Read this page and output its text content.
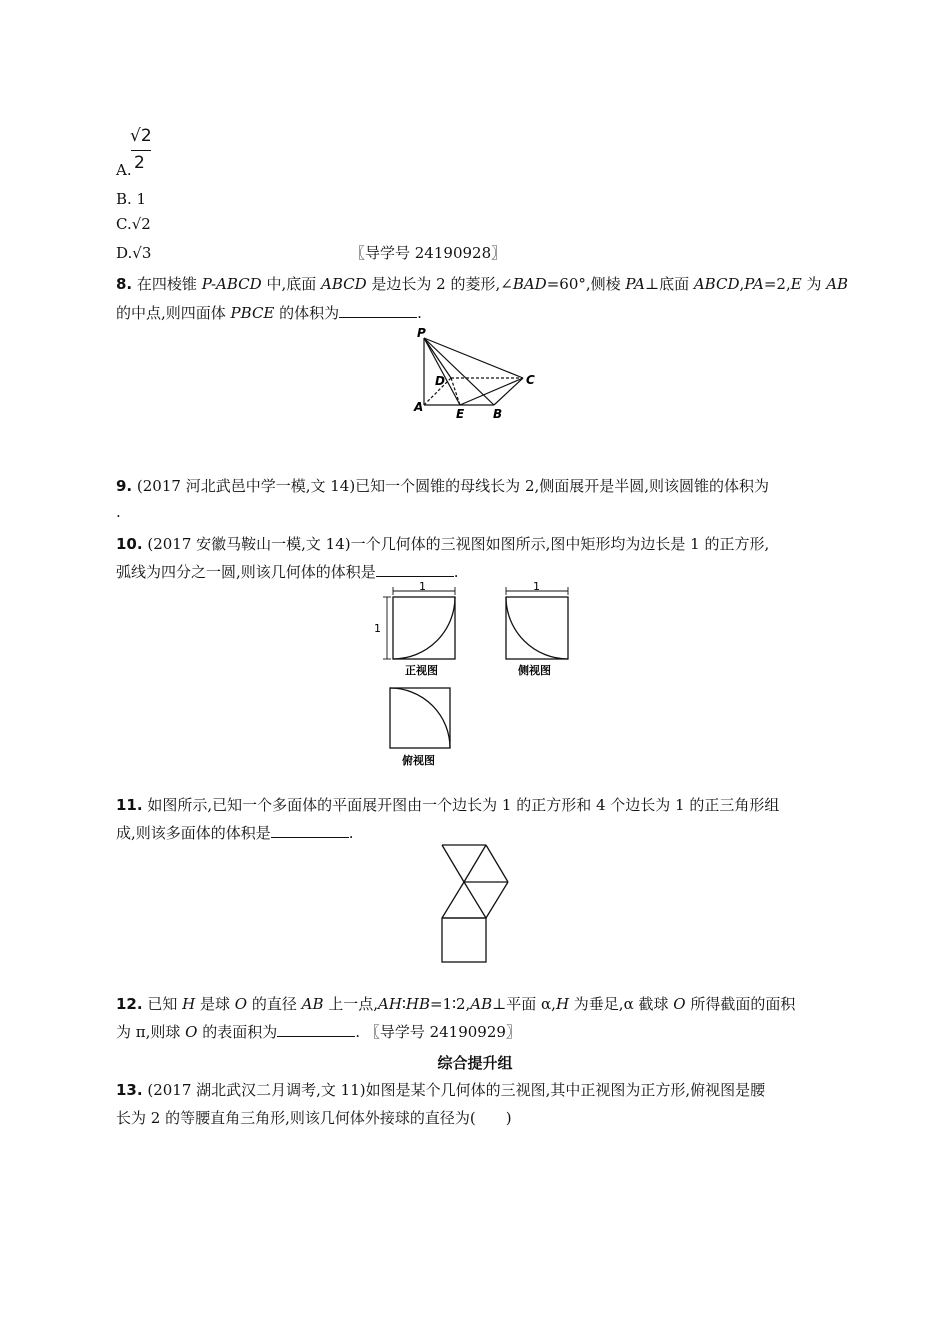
A.
√2
2
B. 1
C.√2
D.√3	〖导学号 24190928〗
8. 在四棱锥 P-ABCD 中,底面 ABCD 是边长为 2 的菱形,∠BAD=60°,侧棱 PA⊥底面 ABCD,PA=2,E 为 AB
的中点,则四面体 PBCE 的体积为	.
P
D	C
A	E B
9. (2017 河北武邑中学一模,文 14)已知一个圆锥的母线长为 2,侧面展开是半圆,则该圆锥的体积为
.
10. (2017 安徽马鞍山一模,文 14)一个几何体的三视图如图所示,图中矩形均为边长是 1 的正方形,
弧线为四分之一圆,则该几何体的体积是	.
1
1
1
正视图	侧视图
俯视图
11. 如图所示,已知一个多面体的平面展开图由一个边长为 1 的正方形和 4 个边长为 1 的正三角形组
成,则该多面体的体积是	.
12. 已知 H 是球 O 的直径 AB 上一点,AH∶HB=1∶2,AB⊥平面 α,H 为垂足,α 截球 O 所得截面的面积
为 π,则球 O 的表面积为	. 〖导学号 24190929〗
综合提升组
13. (2017 湖北武汉二月调考,文 11)如图是某个几何体的三视图,其中正视图为正方形,俯视图是腰
长为 2 的等腰直角三角形,则该几何体外接球的直径为(　　)
